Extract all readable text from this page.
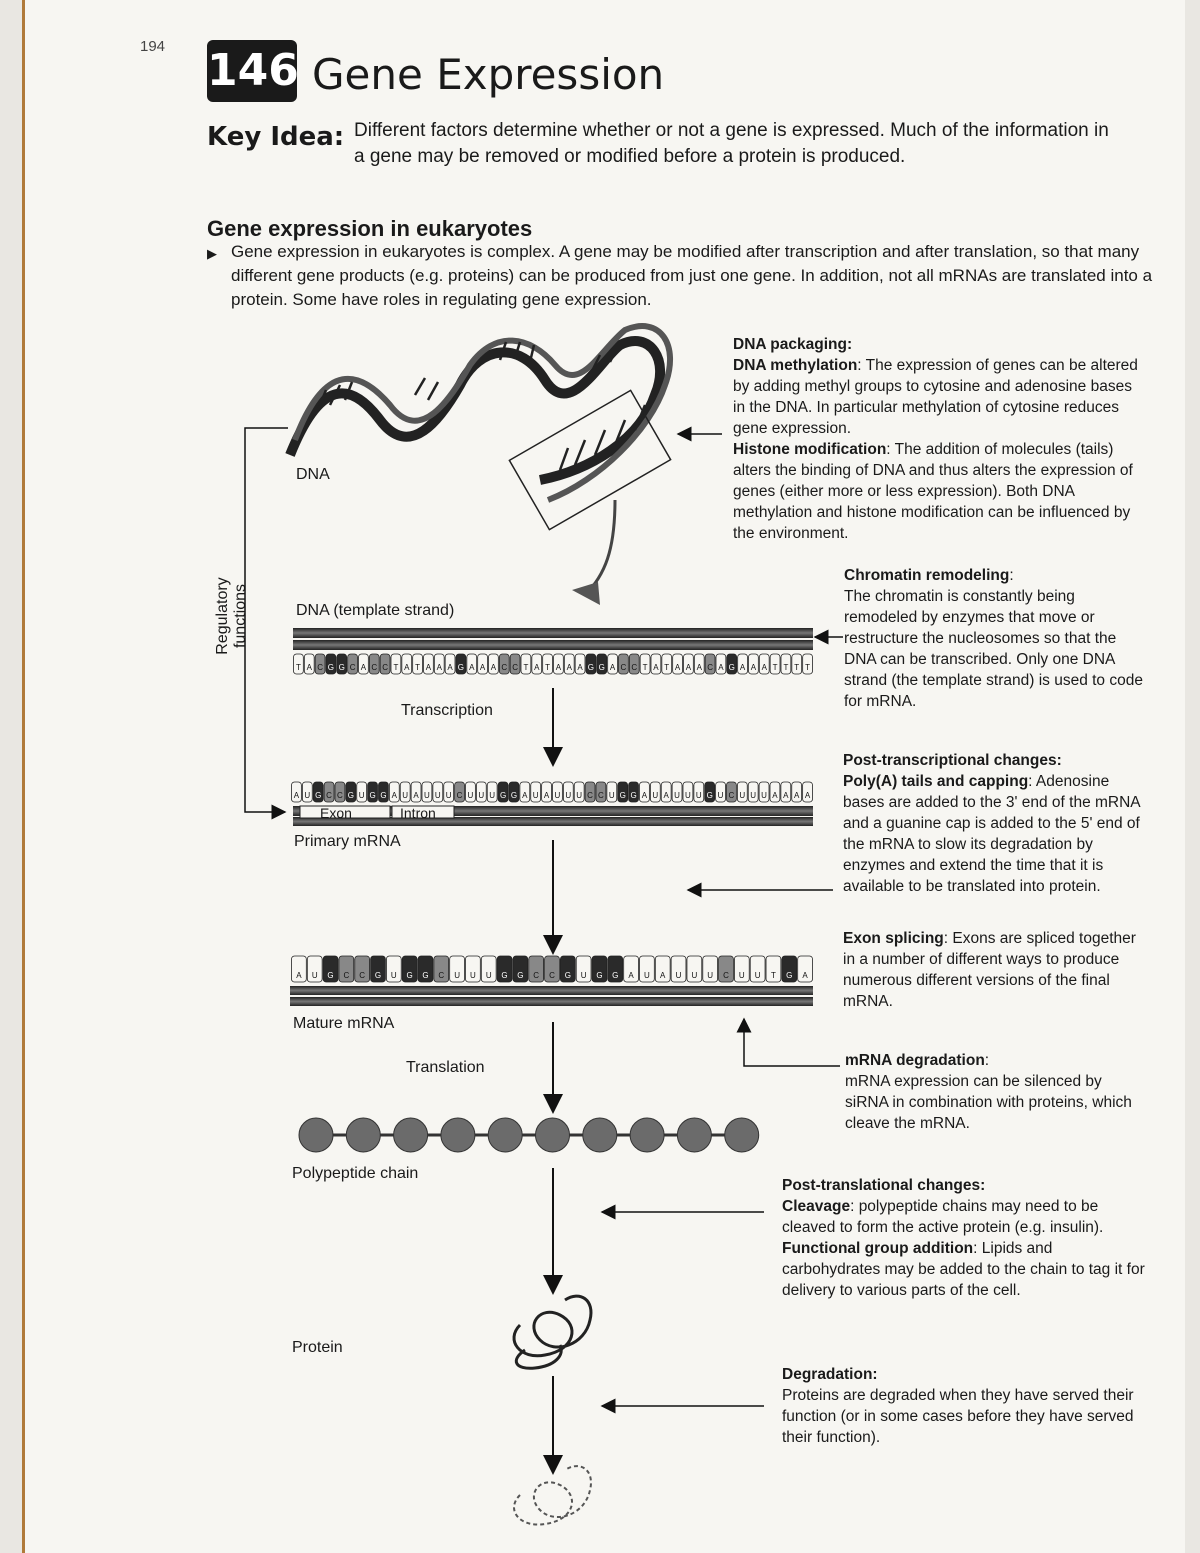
194 146 Gene Expression
Key Idea: Different factors determine whether or not a gene is expressed. Much of the information in a gene may be removed or modified before a protein is produced.
Gene expression in eukaryotes
▶ Gene expression in eukaryotes is complex. A gene may be modified after transcription and after translation, so that many different gene products (e.g. proteins) can be produced from just one gene. In addition, not all mRNAs are translated into a protein. Some have roles in regulating gene expression.
T A C G G C A C C T A T A A A G A A A C C T A T A A A G G A C C T A T A A A C A G A A A T T T T
A U G C C G U G G A U A U U U C U U U G G A U A U U U C C U G G A U A U U U G U C U U U A A A A
A U G C C G U G G C U U U G G C C G U G G A U A U U U C U U T G A
DNA
DNA (template strand)
Transcription
Exon	Intron
Primary mRNA
Mature mRNA
Translation
Polypeptide chain
Protein
Regulatory functions
DNA packaging:
DNA methylation: The expression of genes can be altered by adding methyl groups to cytosine and adenosine bases in the DNA. In particular methylation of cytosine reduces gene expression.
Histone modification: The addition of molecules (tails) alters the binding of DNA and thus alters the expression of genes (either more or less expression). Both DNA methylation and histone modification can be influenced by the environment.
Chromatin remodeling:
The chromatin is constantly being remodeled by enzymes that move or restructure the nucleosomes so that the DNA can be transcribed. Only one DNA strand (the template strand) is used to code for mRNA.
Post-transcriptional changes:
Poly(A) tails and capping: Adenosine bases are added to the 3' end of the mRNA and a guanine cap is added to the 5' end of the mRNA to slow its degradation by enzymes and extend the time that it is available to be translated into protein.
Exon splicing: Exons are spliced together in a number of different ways to produce numerous different versions of the final mRNA.
mRNA degradation:
mRNA expression can be silenced by siRNA in combination with proteins, which cleave the mRNA.
Post-translational changes:
Cleavage: polypeptide chains may need to be cleaved to form the active protein (e.g. insulin).
Functional group addition: Lipids and carbohydrates may be added to the chain to tag it for delivery to various parts of the cell.
Degradation:
Proteins are degraded when they have served their function (or in some cases before they have served their function).
